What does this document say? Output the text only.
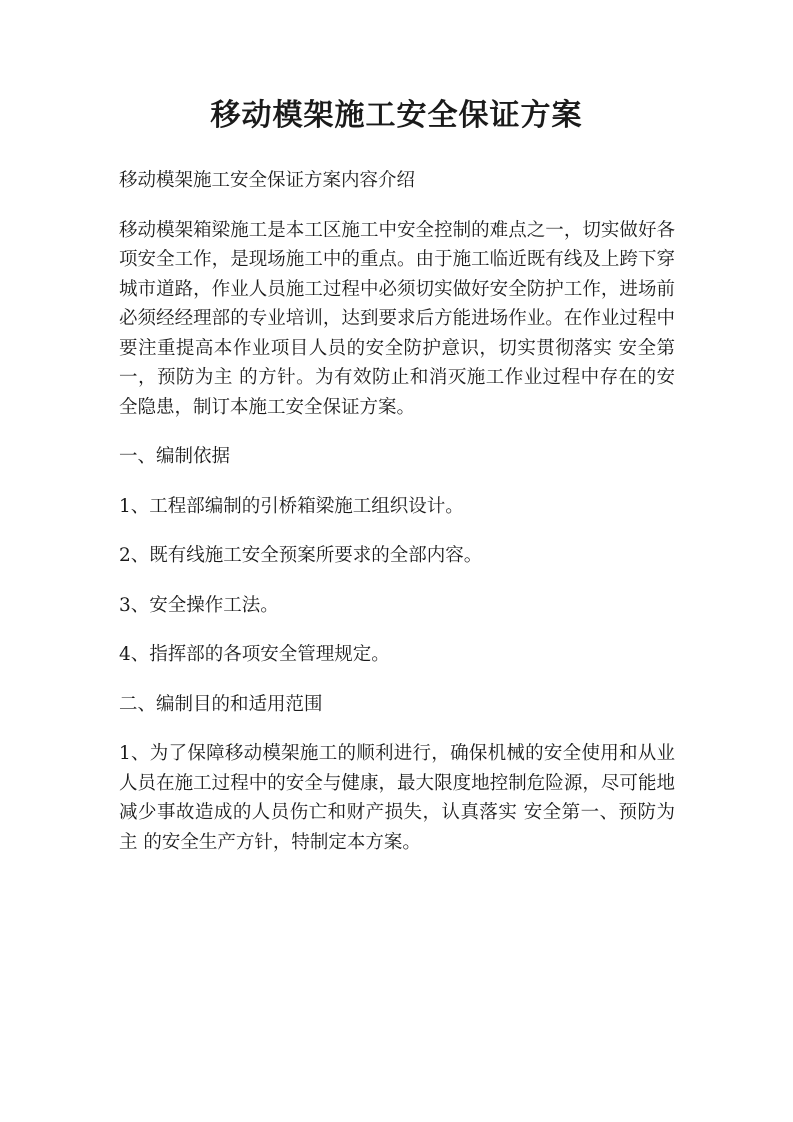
移动模架施工安全保证方案

移动模架施工安全保证方案内容介绍

移动模架箱梁施工是本工区施工中安全控制的难点之一，切实做好各项安全工作，是现场施工中的重点。由于施工临近既有线及上跨下穿城市道路，作业人员施工过程中必须切实做好安全防护工作，进场前必须经经理部的专业培训，达到要求后方能进场作业。在作业过程中要注重提高本作业项目人员的安全防护意识，切实贯彻落实 安全第一，预防为主 的方针。为有效防止和消灭施工作业过程中存在的安全隐患，制订本施工安全保证方案。

一、编制依据

1、工程部编制的引桥箱梁施工组织设计。

2、既有线施工安全预案所要求的全部内容。

3、安全操作工法。

4、指挥部的各项安全管理规定。

二、编制目的和适用范围

1、为了保障移动模架施工的顺利进行，确保机械的安全使用和从业人员在施工过程中的安全与健康，最大限度地控制危险源，尽可能地减少事故造成的人员伤亡和财产损失，认真落实 安全第一、预防为主 的安全生产方针，特制定本方案。
